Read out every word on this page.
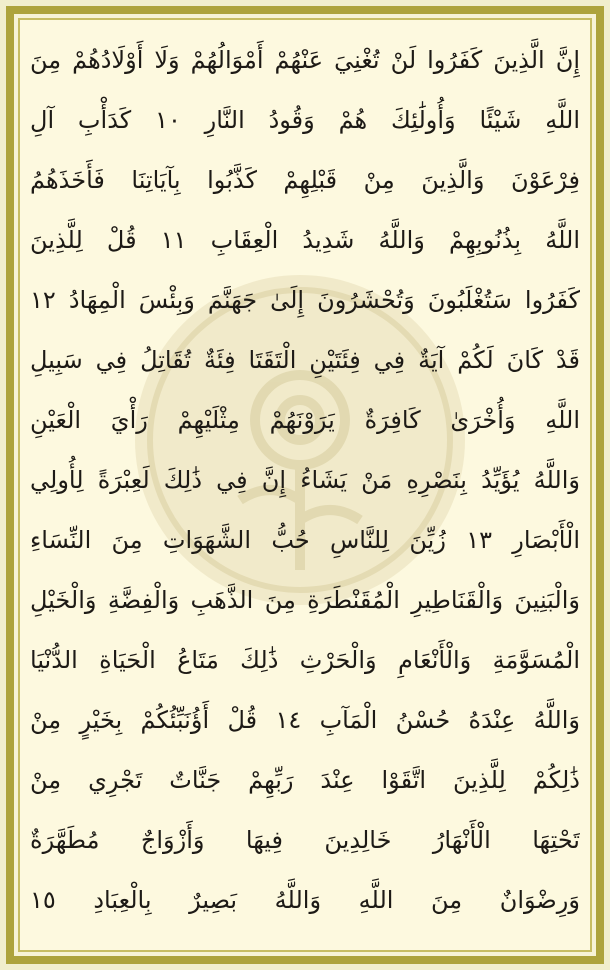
إِنَّ الَّذِينَ كَفَرُوا لَنْ تُغْنِيَ عَنْهُمْ أَمْوَالُهُمْ وَلَا أَوْلَادُهُمْ مِنَ
اللَّهِ شَيْئًا وَأُولَٰئِكَ هُمْ وَقُودُ النَّارِ ١٠ كَدَأْبِ آلِ
فِرْعَوْنَ وَالَّذِينَ مِنْ قَبْلِهِمْ كَذَّبُوا بِآيَاتِنَا فَأَخَذَهُمُ
اللَّهُ بِذُنُوبِهِمْ وَاللَّهُ شَدِيدُ الْعِقَابِ ١١ قُلْ لِلَّذِينَ
كَفَرُوا سَتُغْلَبُونَ وَتُحْشَرُونَ إِلَىٰ جَهَنَّمَ وَبِئْسَ الْمِهَادُ ١٢
قَدْ كَانَ لَكُمْ آيَةٌ فِي فِئَتَيْنِ الْتَقَتَا فِئَةٌ تُقَاتِلُ فِي سَبِيلِ
اللَّهِ وَأُخْرَىٰ كَافِرَةٌ يَرَوْنَهُمْ مِثْلَيْهِمْ رَأْيَ الْعَيْنِ
وَاللَّهُ يُؤَيِّدُ بِنَصْرِهِ مَنْ يَشَاءُ إِنَّ فِي ذَٰلِكَ لَعِبْرَةً لِأُولِي
الْأَبْصَارِ ١٣ زُيِّنَ لِلنَّاسِ حُبُّ الشَّهَوَاتِ مِنَ النِّسَاءِ
وَالْبَنِينَ وَالْقَنَاطِيرِ الْمُقَنْطَرَةِ مِنَ الذَّهَبِ وَالْفِضَّةِ وَالْخَيْلِ
الْمُسَوَّمَةِ وَالْأَنْعَامِ وَالْحَرْثِ ذَٰلِكَ مَتَاعُ الْحَيَاةِ الدُّنْيَا
وَاللَّهُ عِنْدَهُ حُسْنُ الْمَآبِ ١٤ قُلْ أَؤُنَبِّئُكُمْ بِخَيْرٍ مِنْ
ذَٰلِكُمْ لِلَّذِينَ اتَّقَوْا عِنْدَ رَبِّهِمْ جَنَّاتٌ تَجْرِي مِنْ
تَحْتِهَا الْأَنْهَارُ خَالِدِينَ فِيهَا وَأَزْوَاجٌ مُطَهَّرَةٌ
وَرِضْوَانٌ مِنَ اللَّهِ وَاللَّهُ بَصِيرٌ بِالْعِبَادِ ١٥
